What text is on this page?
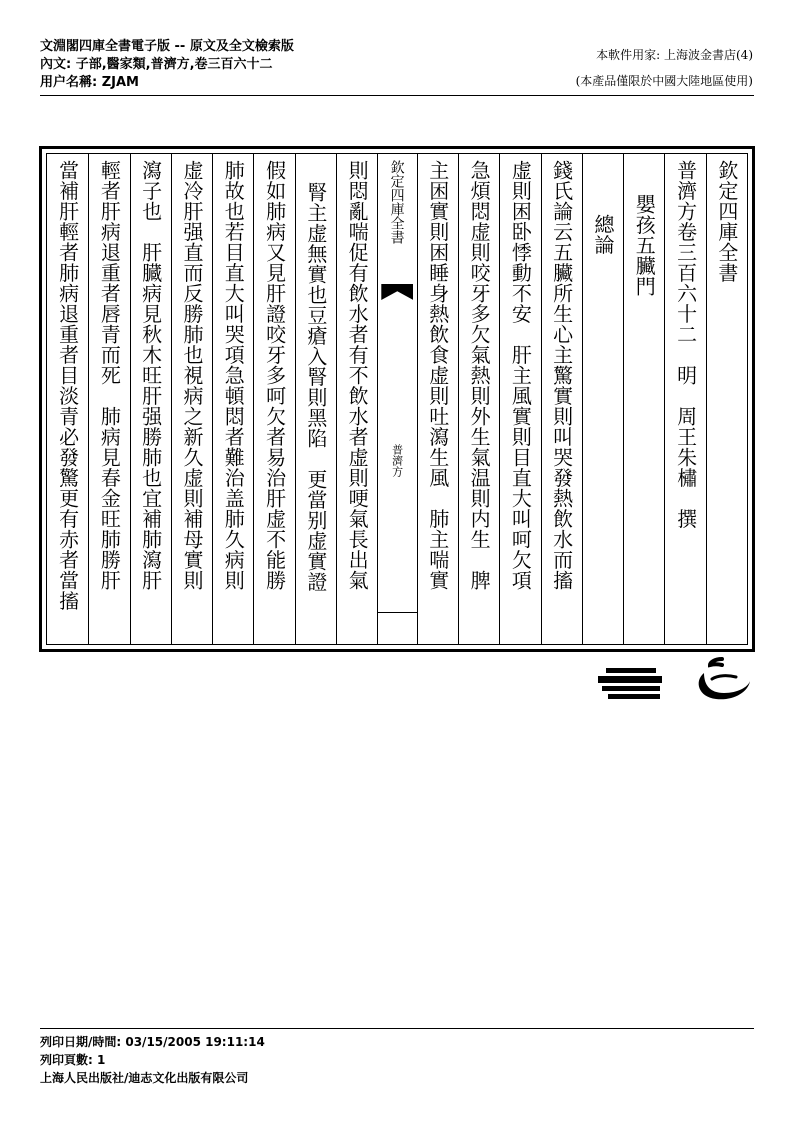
文淵閣四庫全書電子版 -- 原文及全文檢索版
內文: 子部,醫家類,普濟方,卷三百六十二
用户名稱: ZJAM
本軟件用家: 上海波金書店(4)
(本產品僅限於中國大陸地區使用)
欽定四庫全書
普濟方卷三百六十二　明　周王朱橚　撰
嬰孩五臟門
總論
錢氏論云五臟所生心主驚實則叫哭發熱飲水而搐
虚則困卧悸動不安　肝主風實則目直大叫呵欠項
急煩悶虚則咬牙多欠氣熱則外生氣温則内生　脾
主困實則困睡身熱飲食虚則吐瀉生風　肺主喘實
欽定四庫全書
普濟方
則悶亂喘促有飲水者有不飲水者虚則哽氣長出氣
腎主虚無實也豆瘡入腎則黑陷　更當别虚實證
假如肺病又見肝證咬牙多呵欠者易治肝虚不能勝
肺故也若目直大叫哭項急頓悶者難治盖肺久病則
虚冷肝强直而反勝肺也視病之新久虚則補母實則
瀉子也　肝臓病見秋木旺肝强勝肺也宜補肺瀉肝
輕者肝病退重者唇青而死　肺病見春金旺肺勝肝
當補肝輕者肺病退重者目淡青必發驚更有赤者當搐
列印日期/時間: 03/15/2005 19:11:14
列印頁數: 1
上海人民出版社/迪志文化出版有限公司
